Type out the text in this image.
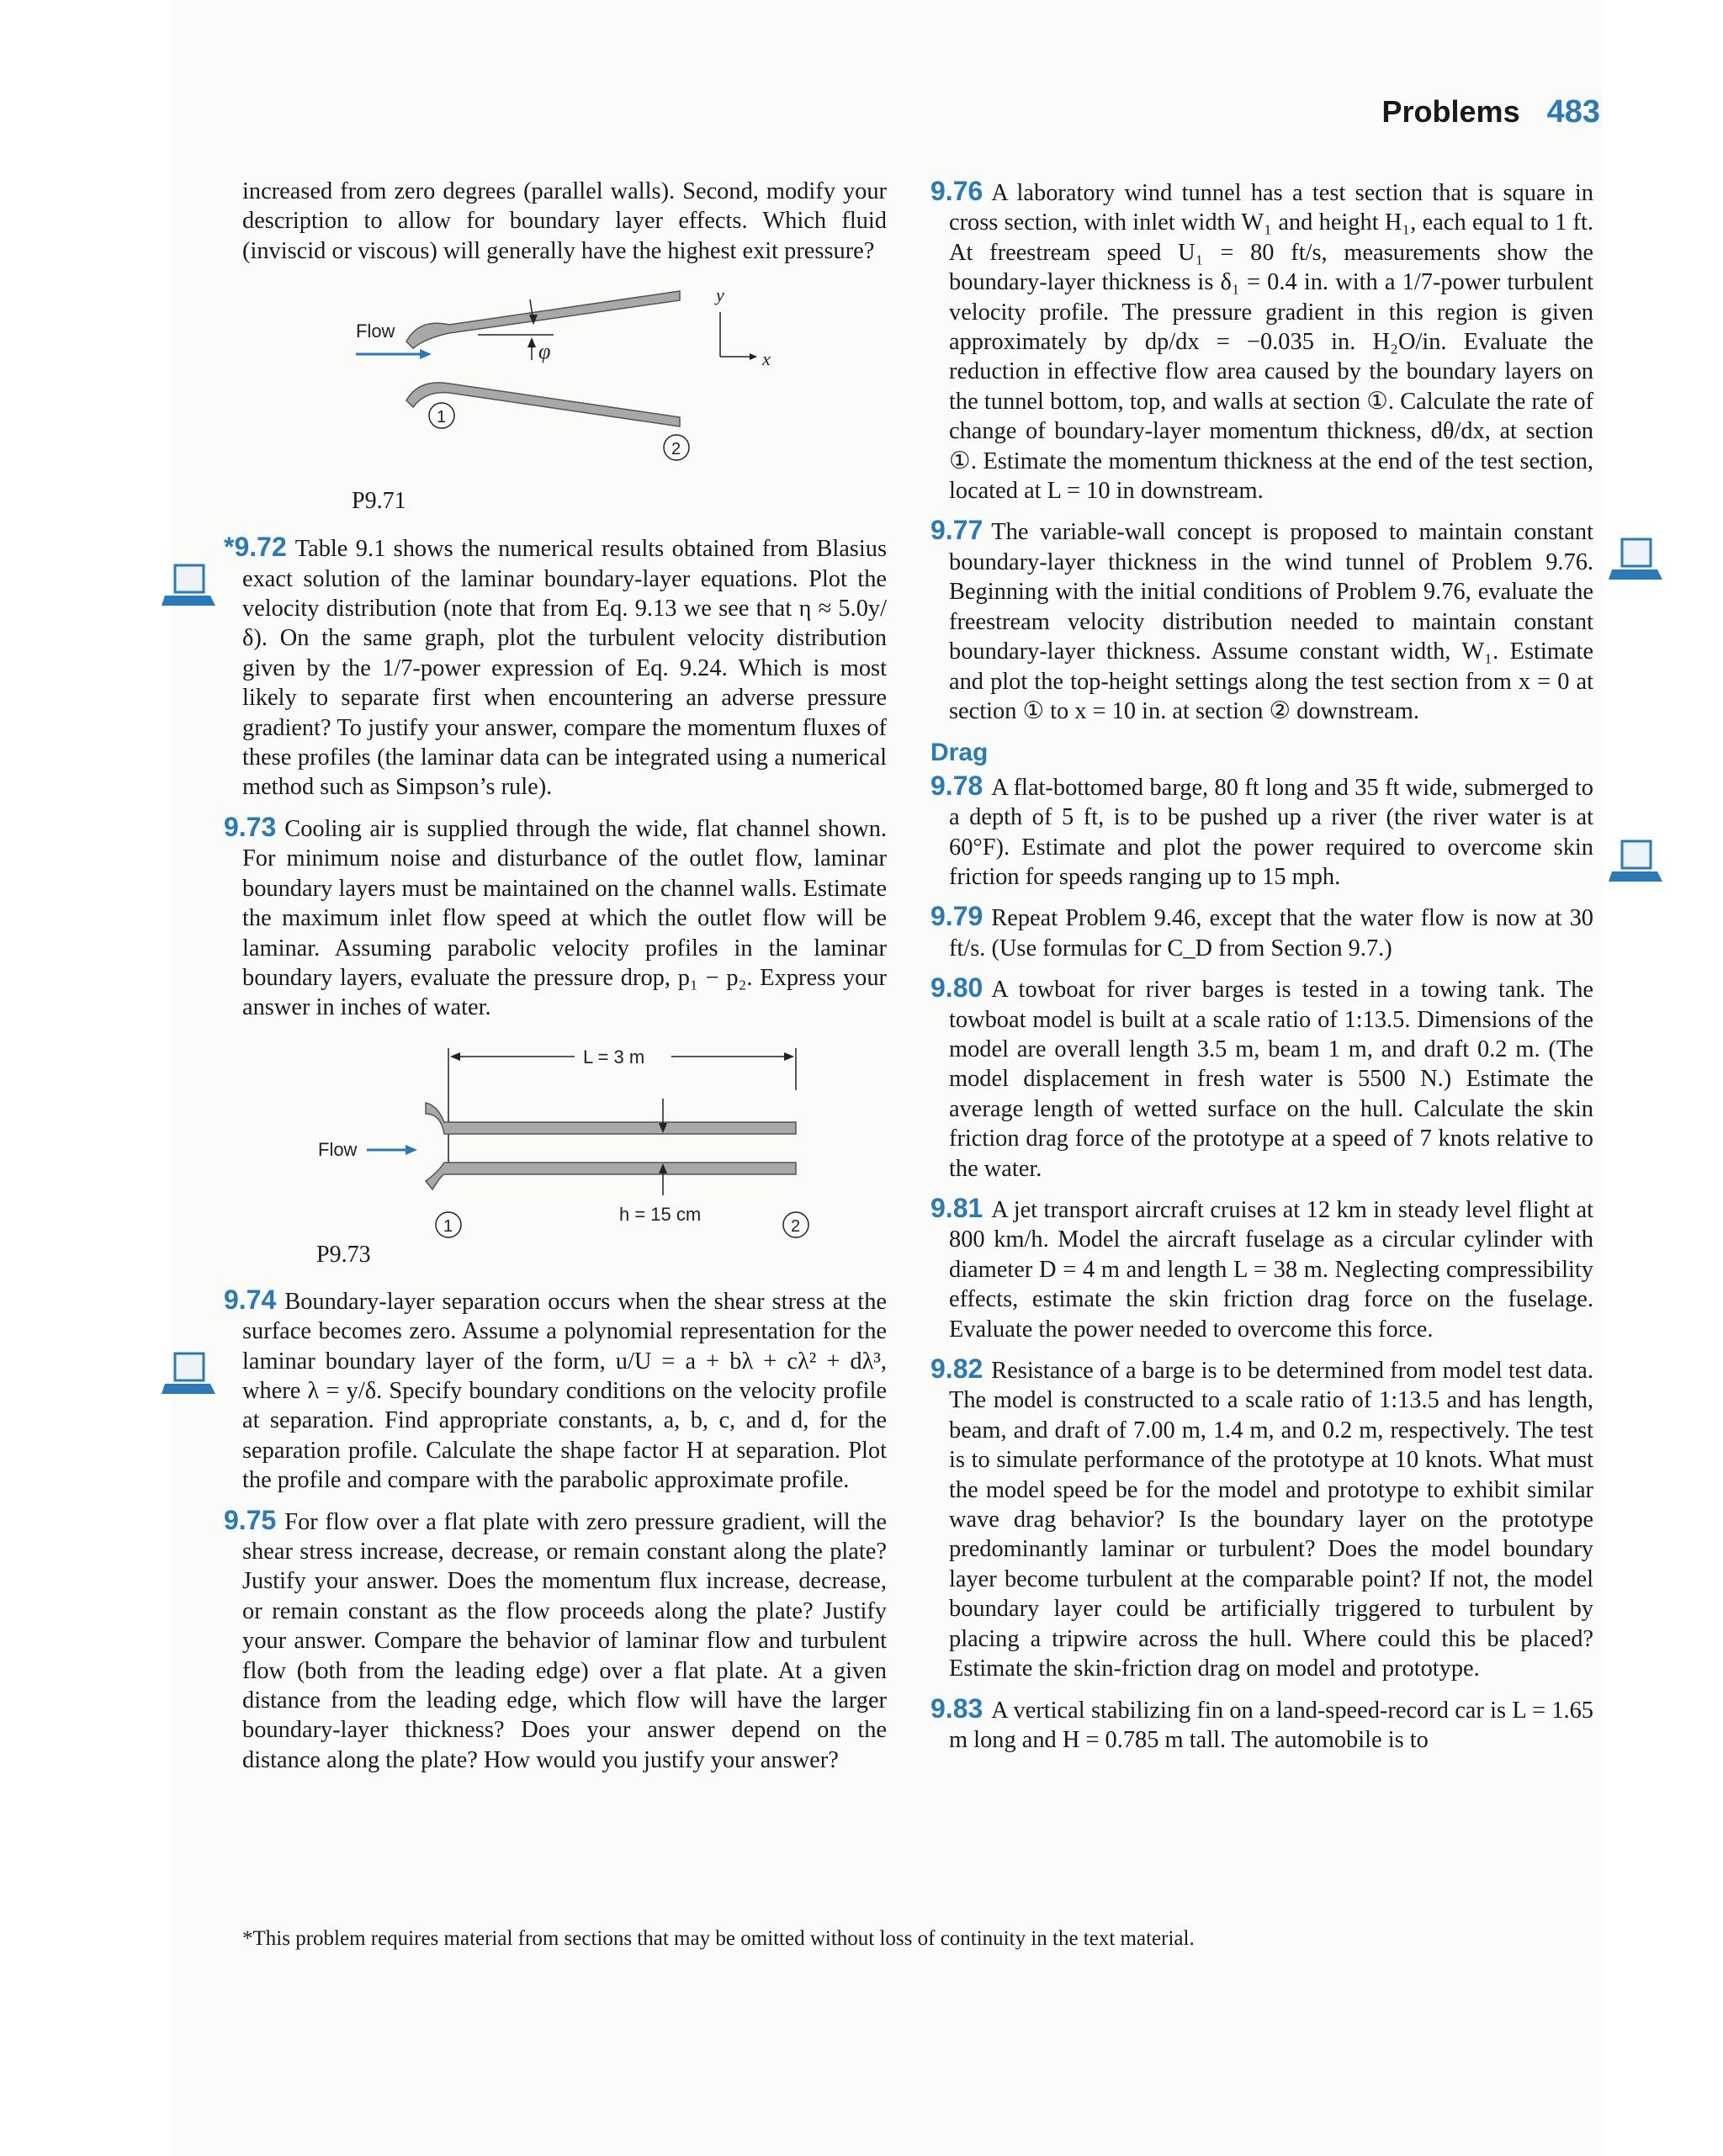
Problems 483
increased from zero degrees (parallel walls). Second, modify your description to allow for boundary layer effects. Which fluid (inviscid or viscous) will generally have the highest exit pressure?
φ
Flow
y
x
1
2
P9.71
*9.72 Table 9.1 shows the numerical results obtained from Blasius exact solution of the laminar boundary-layer equations. Plot the velocity distribution (note that from Eq. 9.13 we see that η ≈ 5.0y/δ). On the same graph, plot the turbulent velocity distribution given by the 1/7-power expression of Eq. 9.24. Which is most likely to separate first when encountering an adverse pressure gradient? To justify your answer, compare the momentum fluxes of these profiles (the laminar data can be integrated using a numerical method such as Simpson’s rule).
9.73 Cooling air is supplied through the wide, flat channel shown. For minimum noise and disturbance of the outlet flow, laminar boundary layers must be maintained on the channel walls. Estimate the maximum inlet flow speed at which the outlet flow will be laminar. Assuming parabolic velocity profiles in the laminar boundary layers, evaluate the pressure drop, p₁ − p₂. Express your answer in inches of water.
L = 3 m
h = 15 cm
Flow
1	2
P9.73
9.74 Boundary-layer separation occurs when the shear stress at the surface becomes zero. Assume a polynomial representation for the laminar boundary layer of the form, u/U = a + bλ + cλ² + dλ³, where λ = y/δ. Specify boundary conditions on the velocity profile at separation. Find appropriate constants, a, b, c, and d, for the separation profile. Calculate the shape factor H at separation. Plot the profile and compare with the parabolic approximate profile.
9.75 For flow over a flat plate with zero pressure gradient, will the shear stress increase, decrease, or remain constant along the plate? Justify your answer. Does the momentum flux increase, decrease, or remain constant as the flow proceeds along the plate? Justify your answer. Compare the behavior of laminar flow and turbulent flow (both from the leading edge) over a flat plate. At a given distance from the leading edge, which flow will have the larger boundary-layer thickness? Does your answer depend on the distance along the plate? How would you justify your answer?
9.76 A laboratory wind tunnel has a test section that is square in cross section, with inlet width W₁ and height H₁, each equal to 1 ft. At freestream speed U₁ = 80 ft/s, measurements show the boundary-layer thickness is δ₁ = 0.4 in. with a 1/7-power turbulent velocity profile. The pressure gradient in this region is given approximately by dp/dx = −0.035 in. H₂O/in. Evaluate the reduction in effective flow area caused by the boundary layers on the tunnel bottom, top, and walls at section ①. Calculate the rate of change of boundary-layer momentum thickness, dθ/dx, at section ①. Estimate the momentum thickness at the end of the test section, located at L = 10 in downstream.
9.77 The variable-wall concept is proposed to maintain constant boundary-layer thickness in the wind tunnel of Problem 9.76. Beginning with the initial conditions of Problem 9.76, evaluate the freestream velocity distribution needed to maintain constant boundary-layer thickness. Assume constant width, W₁. Estimate and plot the top-height settings along the test section from x = 0 at section ① to x = 10 in. at section ② downstream.
Drag
9.78 A flat-bottomed barge, 80 ft long and 35 ft wide, submerged to a depth of 5 ft, is to be pushed up a river (the river water is at 60°F). Estimate and plot the power required to overcome skin friction for speeds ranging up to 15 mph.
9.79 Repeat Problem 9.46, except that the water flow is now at 30 ft/s. (Use formulas for C_D from Section 9.7.)
9.80 A towboat for river barges is tested in a towing tank. The towboat model is built at a scale ratio of 1:13.5. Dimensions of the model are overall length 3.5 m, beam 1 m, and draft 0.2 m. (The model displacement in fresh water is 5500 N.) Estimate the average length of wetted surface on the hull. Calculate the skin friction drag force of the prototype at a speed of 7 knots relative to the water.
9.81 A jet transport aircraft cruises at 12 km in steady level flight at 800 km/h. Model the aircraft fuselage as a circular cylinder with diameter D = 4 m and length L = 38 m. Neglecting compressibility effects, estimate the skin friction drag force on the fuselage. Evaluate the power needed to overcome this force.
9.82 Resistance of a barge is to be determined from model test data. The model is constructed to a scale ratio of 1:13.5 and has length, beam, and draft of 7.00 m, 1.4 m, and 0.2 m, respectively. The test is to simulate performance of the prototype at 10 knots. What must the model speed be for the model and prototype to exhibit similar wave drag behavior? Is the boundary layer on the prototype predominantly laminar or turbulent? Does the model boundary layer become turbulent at the comparable point? If not, the model boundary layer could be artificially triggered to turbulent by placing a tripwire across the hull. Where could this be placed? Estimate the skin-friction drag on model and prototype.
9.83 A vertical stabilizing fin on a land-speed-record car is L = 1.65 m long and H = 0.785 m tall. The automobile is to
*This problem requires material from sections that may be omitted without loss of continuity in the text material.
